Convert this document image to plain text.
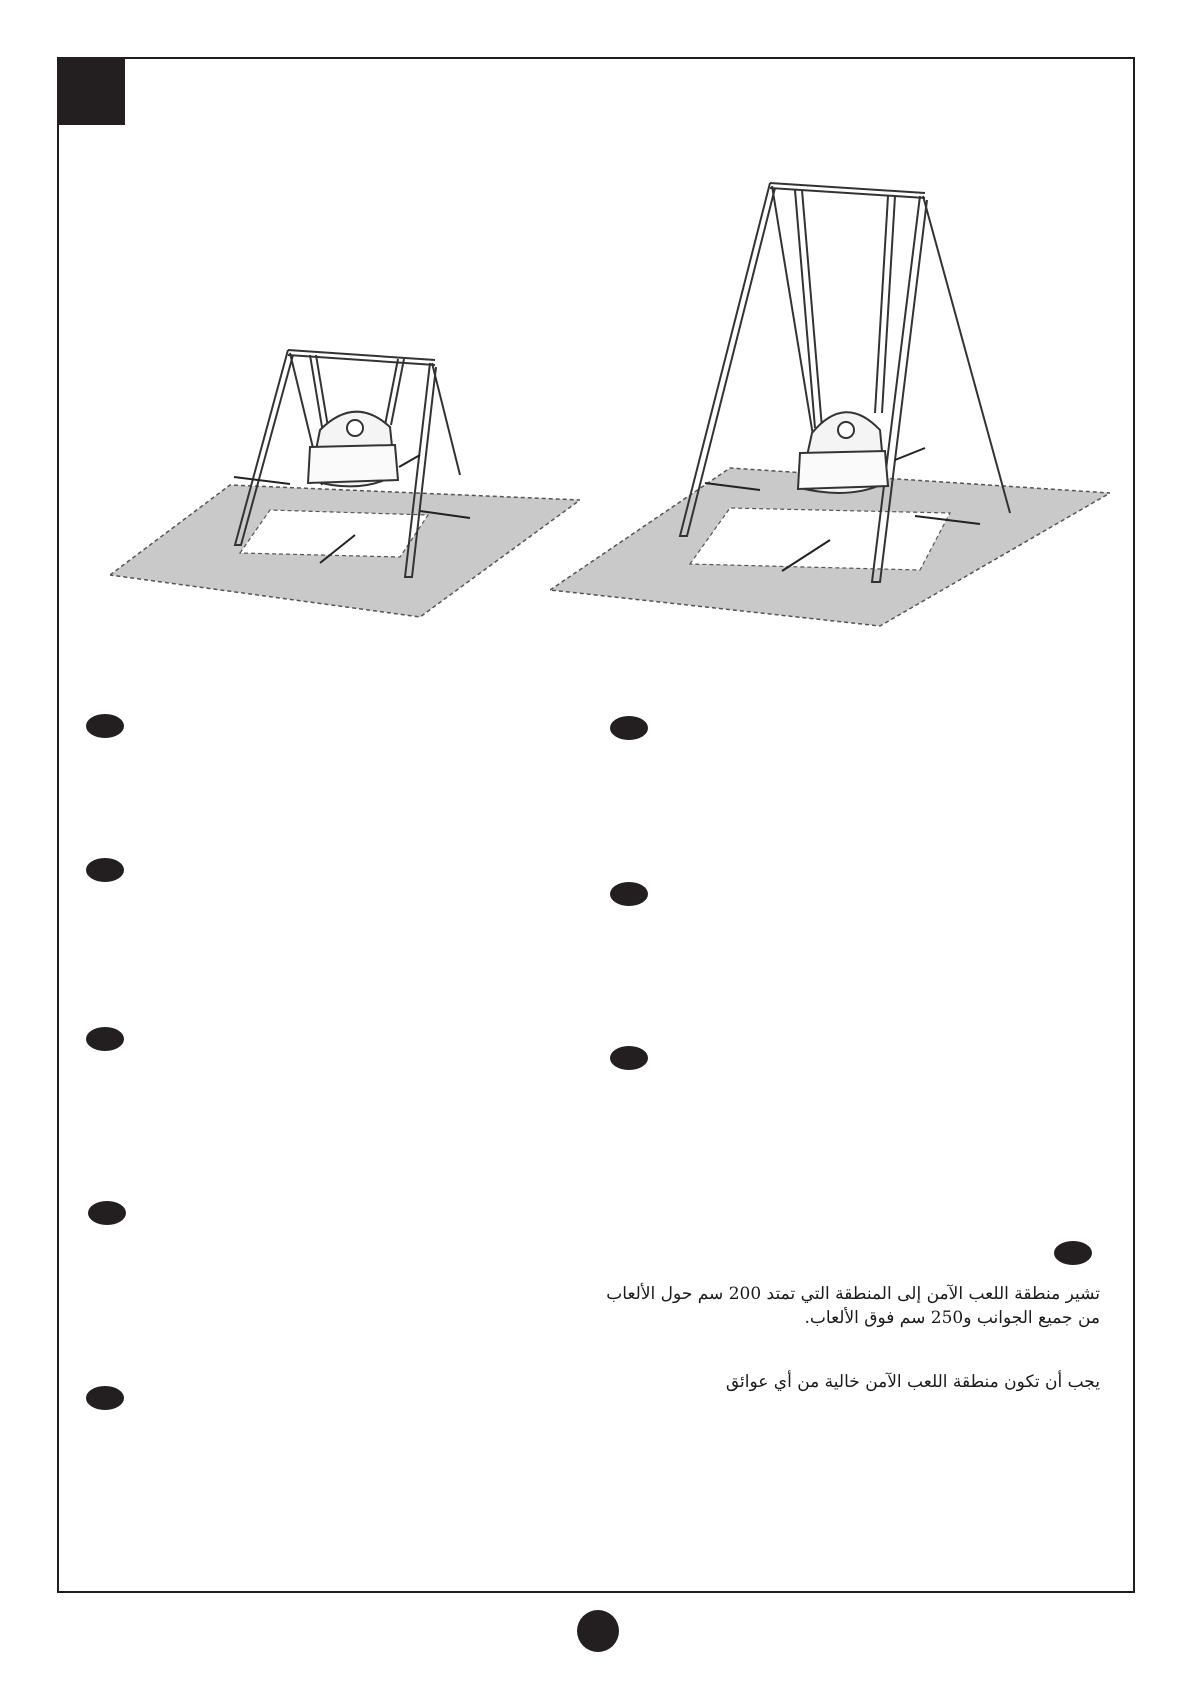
تشير منطقة اللعب الآمن إلى المنطقة التي تمتد 200 سم حول الألعاب
من جميع الجوانب و250 سم فوق الألعاب.
يجب أن تكون منطقة اللعب الآمن خالية من أي عوائق
